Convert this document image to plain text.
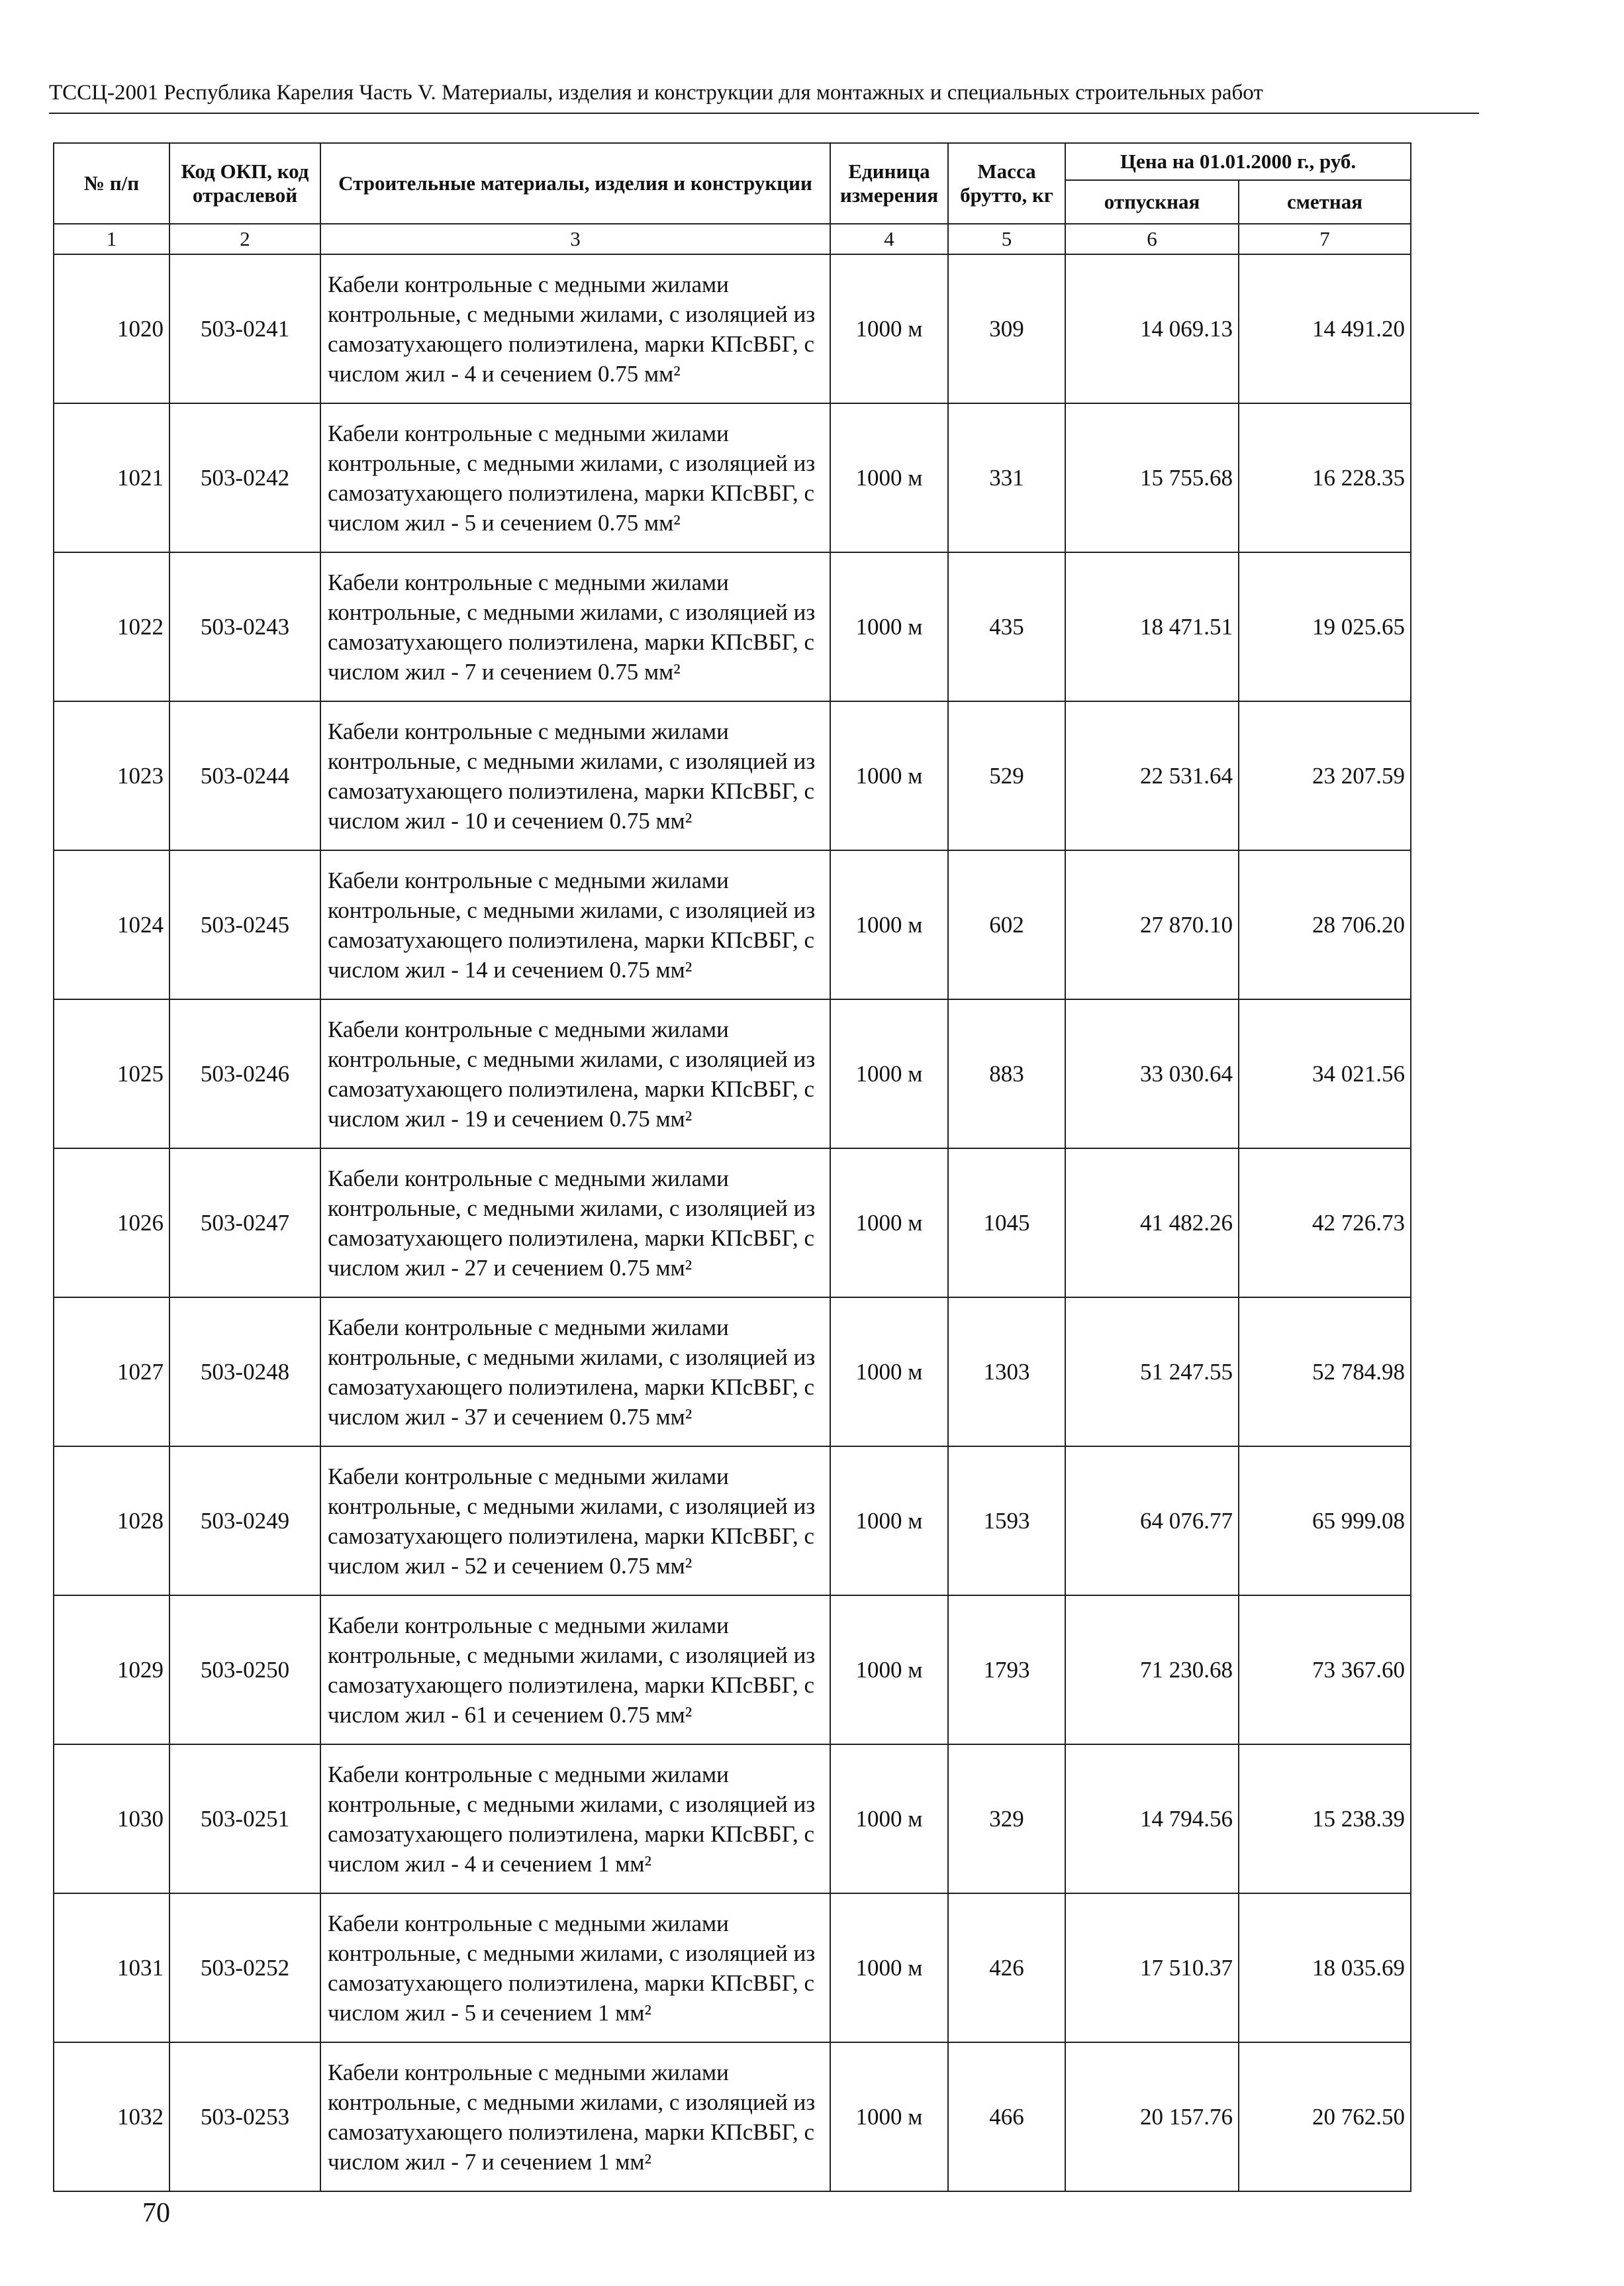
ТССЦ-2001 Республика Карелия Часть V. Материалы, изделия и конструкции для монтажных и специальных строительных работ
№ п/п	Код ОКП, код отраслевой	Строительные материалы, изделия и конструкции	Единица измерения	Масса брутто, кг	Цена на 01.01.2000 г., руб.	
					отпускная	сметная
1	2	3	4	5	6	7
1020	503-0241	Кабели контрольные с медными жилами контрольные, с медными жилами, с изоляцией из самозатухающего полиэтилена, марки КПсВБГ, с числом жил - 4 и сечением 0.75 мм²	1000 м	309	14 069.13	14 491.20
1021	503-0242	Кабели контрольные с медными жилами контрольные, с медными жилами, с изоляцией из самозатухающего полиэтилена, марки КПсВБГ, с числом жил - 5 и сечением 0.75 мм²	1000 м	331	15 755.68	16 228.35
1022	503-0243	Кабели контрольные с медными жилами контрольные, с медными жилами, с изоляцией из самозатухающего полиэтилена, марки КПсВБГ, с числом жил - 7 и сечением 0.75 мм²	1000 м	435	18 471.51	19 025.65
1023	503-0244	Кабели контрольные с медными жилами контрольные, с медными жилами, с изоляцией из самозатухающего полиэтилена, марки КПсВБГ, с числом жил - 10 и сечением 0.75 мм²	1000 м	529	22 531.64	23 207.59
1024	503-0245	Кабели контрольные с медными жилами контрольные, с медными жилами, с изоляцией из самозатухающего полиэтилена, марки КПсВБГ, с числом жил - 14 и сечением 0.75 мм²	1000 м	602	27 870.10	28 706.20
1025	503-0246	Кабели контрольные с медными жилами контрольные, с медными жилами, с изоляцией из самозатухающего полиэтилена, марки КПсВБГ, с числом жил - 19 и сечением 0.75 мм²	1000 м	883	33 030.64	34 021.56
1026	503-0247	Кабели контрольные с медными жилами контрольные, с медными жилами, с изоляцией из самозатухающего полиэтилена, марки КПсВБГ, с числом жил - 27 и сечением 0.75 мм²	1000 м	1045	41 482.26	42 726.73
1027	503-0248	Кабели контрольные с медными жилами контрольные, с медными жилами, с изоляцией из самозатухающего полиэтилена, марки КПсВБГ, с числом жил - 37 и сечением 0.75 мм²	1000 м	1303	51 247.55	52 784.98
1028	503-0249	Кабели контрольные с медными жилами контрольные, с медными жилами, с изоляцией из самозатухающего полиэтилена, марки КПсВБГ, с числом жил - 52 и сечением 0.75 мм²	1000 м	1593	64 076.77	65 999.08
1029	503-0250	Кабели контрольные с медными жилами контрольные, с медными жилами, с изоляцией из самозатухающего полиэтилена, марки КПсВБГ, с числом жил - 61 и сечением 0.75 мм²	1000 м	1793	71 230.68	73 367.60
1030	503-0251	Кабели контрольные с медными жилами контрольные, с медными жилами, с изоляцией из самозатухающего полиэтилена, марки КПсВБГ, с числом жил - 4 и сечением 1 мм²	1000 м	329	14 794.56	15 238.39
1031	503-0252	Кабели контрольные с медными жилами контрольные, с медными жилами, с изоляцией из самозатухающего полиэтилена, марки КПсВБГ, с числом жил - 5 и сечением 1 мм²	1000 м	426	17 510.37	18 035.69
1032	503-0253	Кабели контрольные с медными жилами контрольные, с медными жилами, с изоляцией из самозатухающего полиэтилена, марки КПсВБГ, с числом жил - 7 и сечением 1 мм²	1000 м	466	20 157.76	20 762.50
70
